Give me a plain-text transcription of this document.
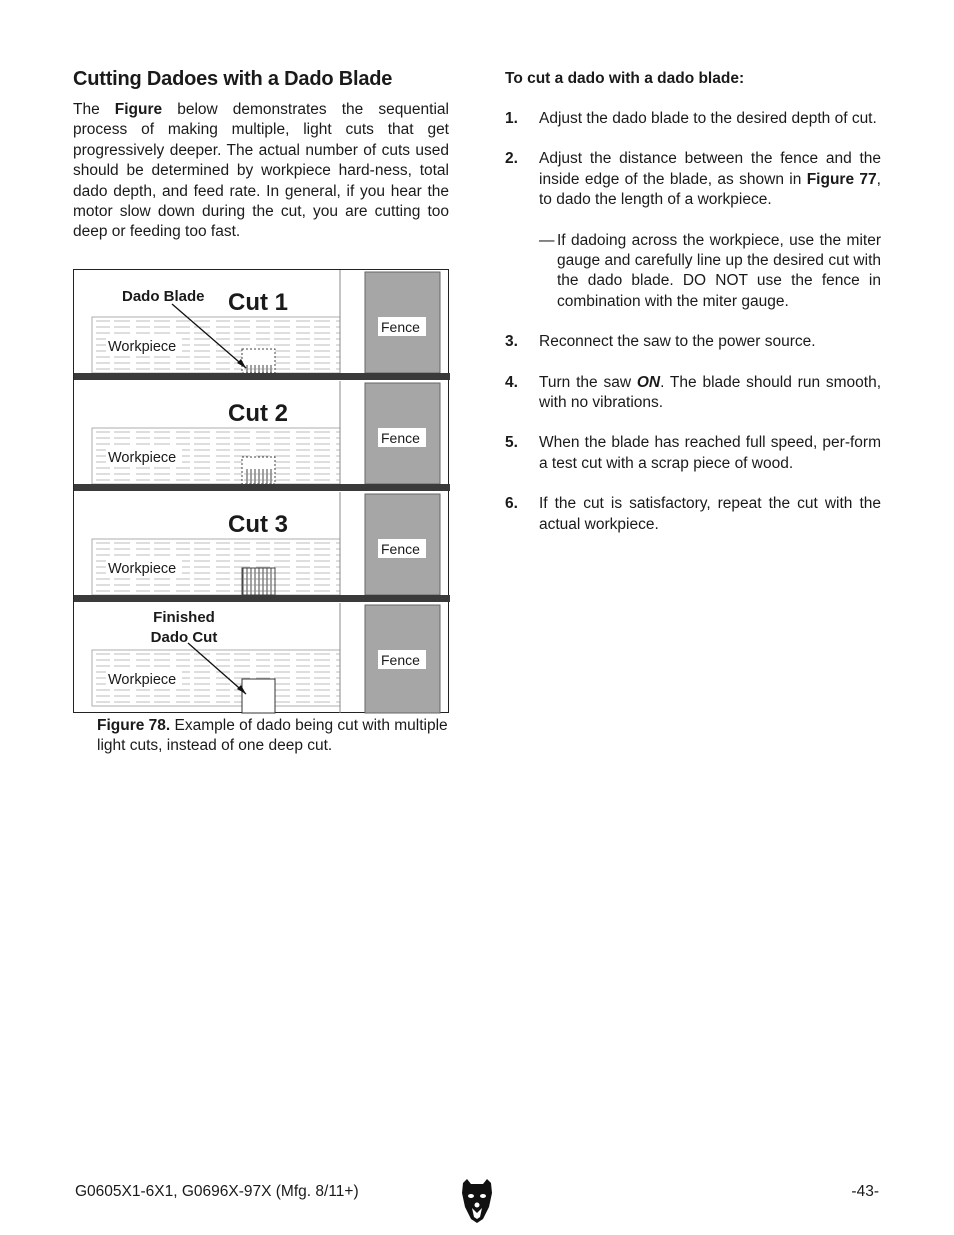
Cutting Dadoes with a Dado Blade

The Figure below demonstrates the sequential process of making multiple, light cuts that get progressively deeper. The actual number of cuts used should be determined by workpiece hard-ness, total dado depth, and feed rate. In general, if you hear the motor slow down during the cut, you are cutting too deep or feeding too fast.

Dado Blade Cut 1
Workpiece
Fence
Cut 2
Workpiece
Fence
Cut 3
Workpiece
Fence
Finished
Dado Cut
Workpiece
Fence
Figure 78. Example of dado being cut with multiple light cuts, instead of one deep cut.
To cut a dado with a dado blade:
1. Adjust the dado blade to the desired depth of cut.
2. Adjust the distance between the fence and the inside edge of the blade, as shown in Figure 77, to dado the length of a workpiece.
— If dadoing across the workpiece, use the miter gauge and carefully line up the desired cut with the dado blade. DO NOT use the fence in combination with the miter gauge.
3. Reconnect the saw to the power source.
4. Turn the saw ON. The blade should run smooth, with no vibrations.
5. When the blade has reached full speed, per-form a test cut with a scrap piece of wood.
6. If the cut is satisfactory, repeat the cut with the actual workpiece.
G0605X1-6X1, G0696X-97X (Mfg. 8/11+)	-43-
